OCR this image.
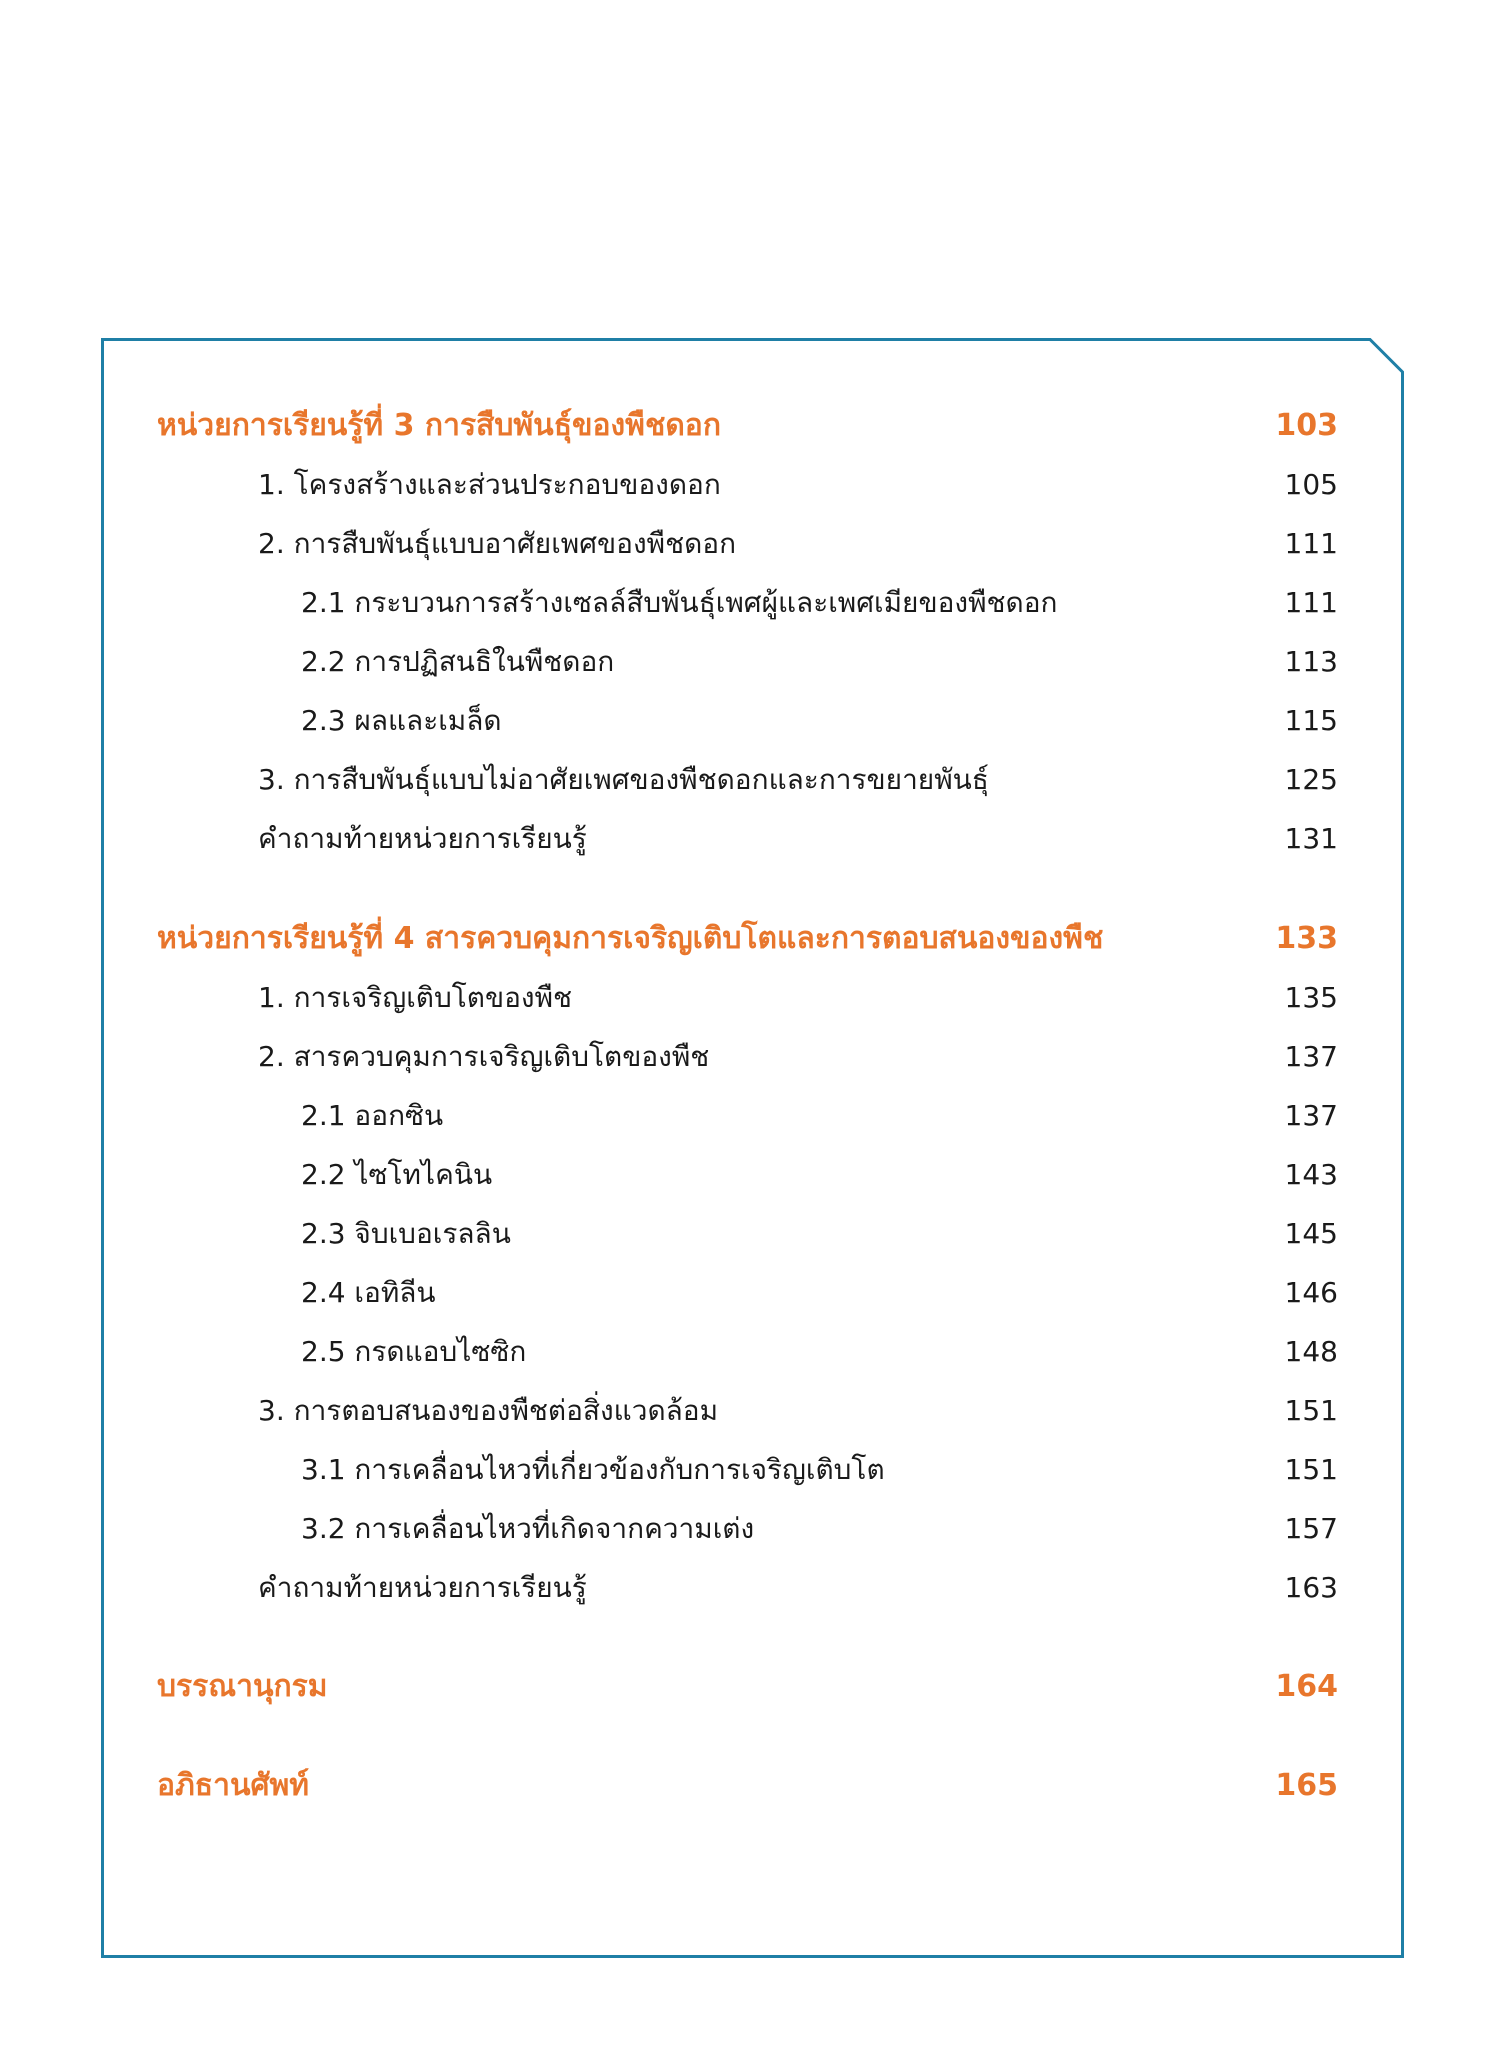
หน่วยการเรียนรู้ที่ 3 การสืบพันธุ์ของพืชดอก	103
1. โครงสร้างและส่วนประกอบของดอก	105
2. การสืบพันธุ์แบบอาศัยเพศของพืชดอก	111
2.1 กระบวนการสร้างเซลล์สืบพันธุ์เพศผู้และเพศเมียของพืชดอก	111
2.2 การปฏิสนธิในพืชดอก	113
2.3 ผลและเมล็ด	115
3. การสืบพันธุ์แบบไม่อาศัยเพศของพืชดอกและการขยายพันธุ์	125
คำถามท้ายหน่วยการเรียนรู้	131
หน่วยการเรียนรู้ที่ 4 สารควบคุมการเจริญเติบโตและการตอบสนองของพืช	133
1. การเจริญเติบโตของพืช	135
2. สารควบคุมการเจริญเติบโตของพืช	137
2.1 ออกซิน	137
2.2 ไซโทไคนิน	143
2.3 จิบเบอเรลลิน	145
2.4 เอทิลีน	146
2.5 กรดแอบไซซิก	148
3. การตอบสนองของพืชต่อสิ่งแวดล้อม	151
3.1 การเคลื่อนไหวที่เกี่ยวข้องกับการเจริญเติบโต	151
3.2 การเคลื่อนไหวที่เกิดจากความเต่ง	157
คำถามท้ายหน่วยการเรียนรู้	163
บรรณานุกรม	164
อภิธานศัพท์	165
